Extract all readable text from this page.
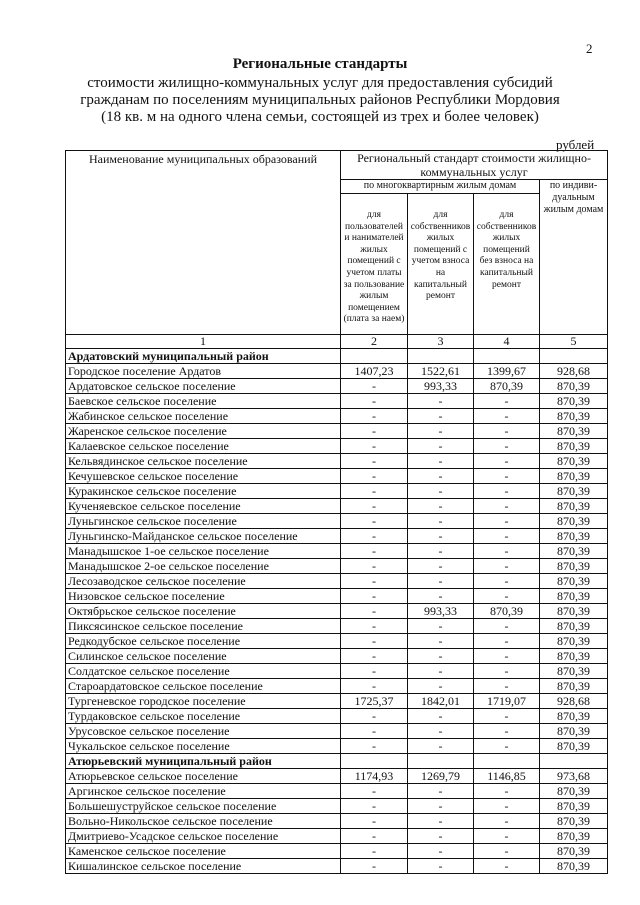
2
Региональные стандарты
стоимости жилищно-коммунальных услуг для предоставления субсидий
гражданам по поселениям муниципальных районов Республики Мордовия
(18 кв. м на одного члена семьи, состоящей из трех и более человек)
рублей
Наименование муниципальных образований	Региональный стандарт стоимости жилищно-коммунальных услуг			
	по многоквартирным жилым домам			по индиви-дуальным жилым домам
	для пользователей и нанимателей жилых помещений с учетом платы за пользование жилым помещением (плата за наем)	для собственников жилых помещений с учетом взноса на капитальный ремонт	для собственников жилых помещений без взноса на капитальный ремонт	
1	2	3	4	5
Ардатовский муниципальный район				
Городское поселение Ардатов	1407,23	1522,61	1399,67	928,68
Ардатовское сельское поселение	-	993,33	870,39	870,39
Баевское сельское поселение	-	-	-	870,39
Жабинское сельское поселение	-	-	-	870,39
Жаренское сельское поселение	-	-	-	870,39
Калаевское сельское поселение	-	-	-	870,39
Кельвядинское сельское поселение	-	-	-	870,39
Кечушевское сельское поселение	-	-	-	870,39
Куракинское сельское поселение	-	-	-	870,39
Кученяевское сельское поселение	-	-	-	870,39
Луньгинское сельское поселение	-	-	-	870,39
Луньгинско-Майданское сельское поселение	-	-	-	870,39
Манадышское 1-ое сельское поселение	-	-	-	870,39
Манадышское 2-ое сельское поселение	-	-	-	870,39
Лесозаводское сельское поселение	-	-	-	870,39
Низовское сельское поселение	-	-	-	870,39
Октябрьское сельское поселение	-	993,33	870,39	870,39
Пиксясинское сельское поселение	-	-	-	870,39
Редкодубское сельское поселение	-	-	-	870,39
Силинское сельское поселение	-	-	-	870,39
Солдатское сельское поселение	-	-	-	870,39
Староардатовское сельское поселение	-	-	-	870,39
Тургеневское городское поселение	1725,37	1842,01	1719,07	928,68
Турдаковское сельское поселение	-	-	-	870,39
Урусовское сельское поселение	-	-	-	870,39
Чукальское сельское поселение	-	-	-	870,39
Атюрьевский муниципальный район				
Атюрьевское сельское поселение	1174,93	1269,79	1146,85	973,68
Аргинское сельское поселение	-	-	-	870,39
Большешуструйское сельское поселение	-	-	-	870,39
Вольно-Никольское сельское поселение	-	-	-	870,39
Дмитриево-Усадское сельское поселение	-	-	-	870,39
Каменское сельское поселение	-	-	-	870,39
Кишалинское сельское поселение	-	-	-	870,39
